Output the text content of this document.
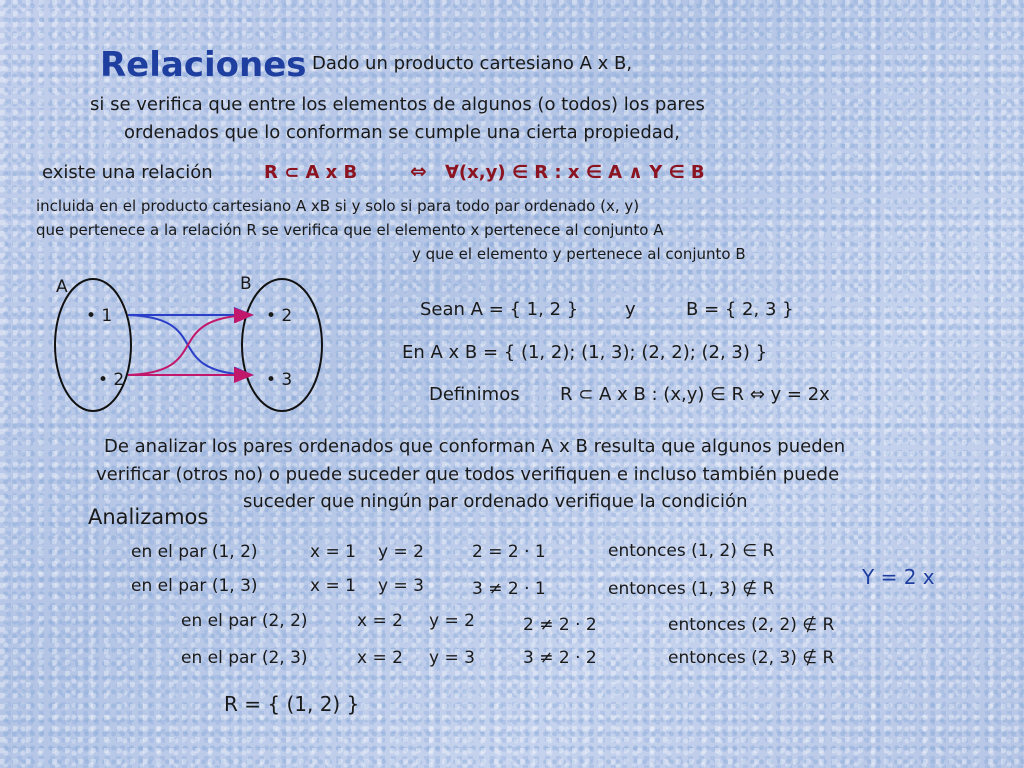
Relaciones Dado un producto cartesiano A x B,
si se verifica que entre los elementos de algunos (o todos) los pares
ordenados que lo conforman se cumple una cierta propiedad,
existe una relación	R ⊂ A x B	⇔ ∀(x,y) ∈ R : x ∈ A ∧ Y ∈ B
incluida en el producto cartesiano A xB si y solo si para todo par ordenado (x, y)
que pertenece a la relación R se verifica que el elemento x pertenece al conjunto A
y que el elemento y pertenece al conjunto B
A	B
• 1
• 2
• 2
• 3
Sean A = { 1, 2 }	y	B = { 2, 3 }
En A x B = { (1, 2); (1, 3); (2, 2); (2, 3) }
Definimos R ⊂ A x B : (x,y) ∈ R ⇔ y = 2x
De analizar los pares ordenados que conforman A x B resulta que algunos pueden
verificar (otros no) o puede suceder que todos verifiquen e incluso también puede
suceder que ningún par ordenado verifique la condición
Analizamos
en el par (1, 2)	x = 1 y = 2	2 = 2 · 1	entonces (1, 2) ∈ R
en el par (1, 3)	x = 1 y = 3	3 ≠ 2 · 1	entonces (1, 3) ∉ R	Y = 2 x
en el par (2, 2)	x = 2 y = 2	2 ≠ 2 · 2	entonces (2, 2) ∉ R
en el par (2, 3)	x = 2 y = 3	3 ≠ 2 · 2	entonces (2, 3) ∉ R
R = { (1, 2) }
